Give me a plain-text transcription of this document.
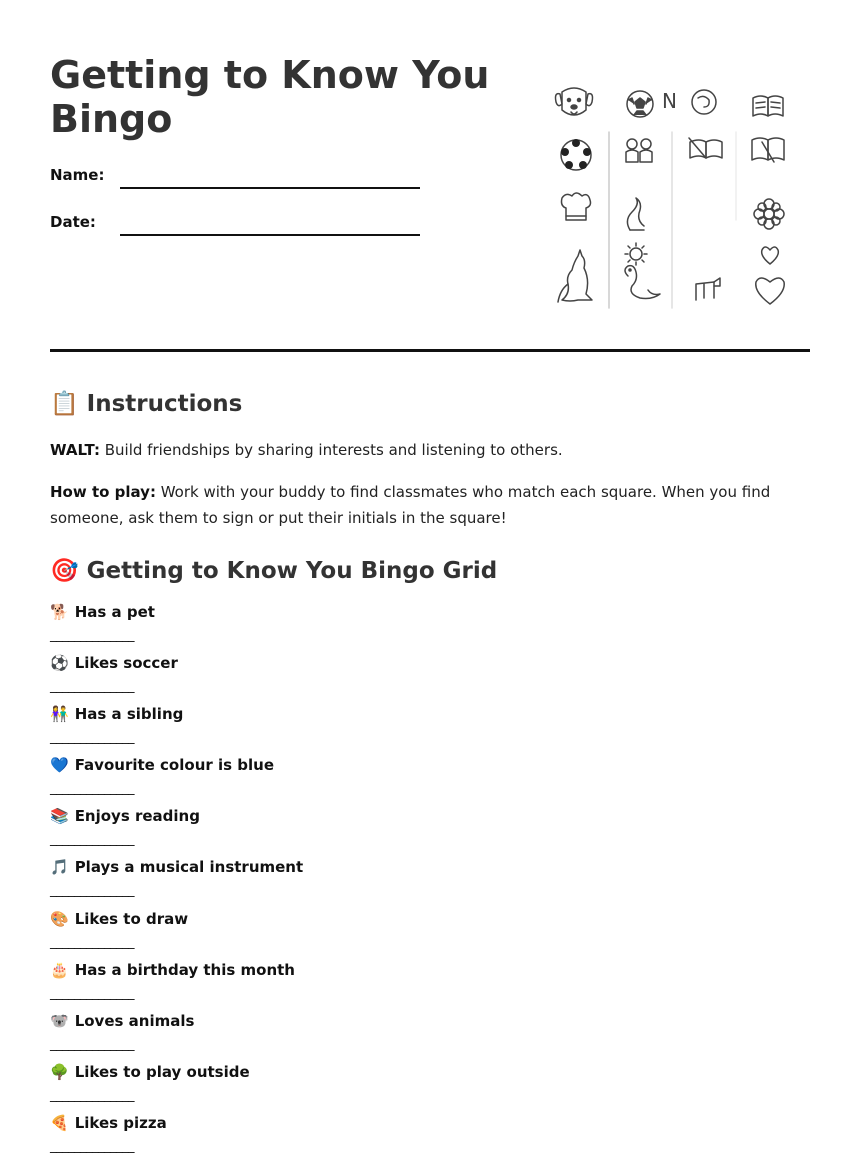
Getting to Know You Bingo
Name:
Date:
N
📋 Instructions

WALT: Build friendships by sharing interests and listening to others.

How to play: Work with your buddy to find classmates who match each square. When you find someone, ask them to sign or put their initials in the square!

🎯 Getting to Know You Bingo Grid
🐕 Has a pet
______________
⚽ Likes soccer
______________
👫 Has a sibling
______________
💙 Favourite colour is blue
______________
📚 Enjoys reading
______________
🎵 Plays a musical instrument
______________
🎨 Likes to draw
______________
🎂 Has a birthday this month
______________
🐨 Loves animals
______________
🌳 Likes to play outside
______________
🍕 Likes pizza
______________
